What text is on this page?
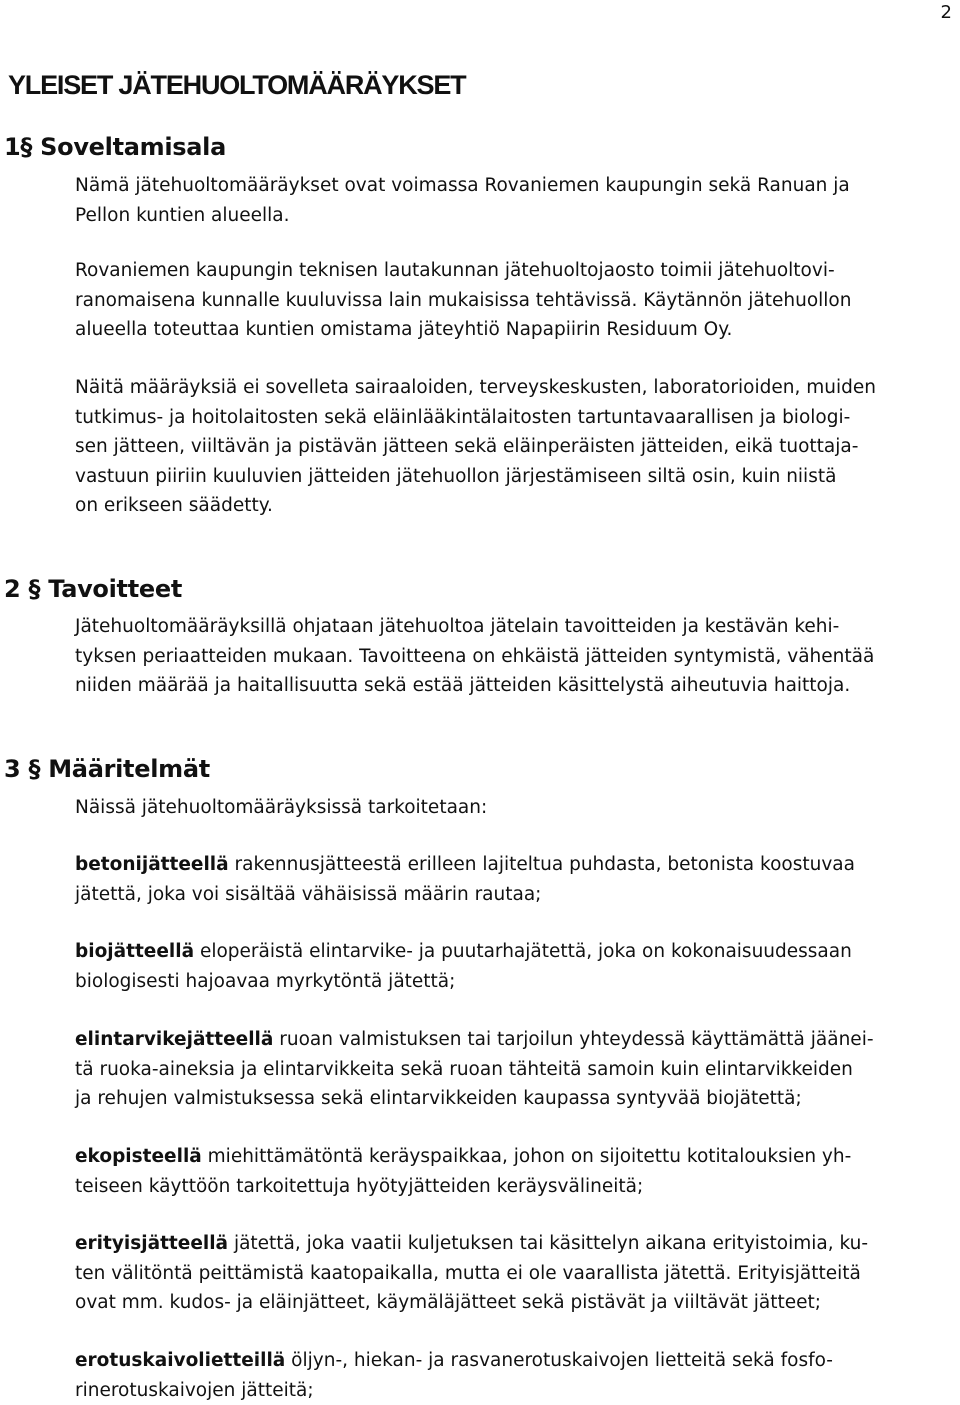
2
YLEISET JÄTEHUOLTOMÄÄRÄYKSET
1§ Soveltamisala

Nämä jätehuoltomääräykset ovat voimassa Rovaniemen kaupungin sekä Ranuan ja
Pellon kuntien alueella.

Rovaniemen kaupungin teknisen lautakunnan jätehuoltojaosto toimii jätehuoltovi-
ranomaisena kunnalle kuuluvissa lain mukaisissa tehtävissä. Käytännön jätehuollon
alueella toteuttaa kuntien omistama jäteyhtiö Napapiirin Residuum Oy.

Näitä määräyksiä ei sovelleta sairaaloiden, terveyskeskusten, laboratorioiden, muiden
tutkimus- ja hoitolaitosten sekä eläinlääkintälaitosten tartuntavaarallisen ja biologi-
sen jätteen, viiltävän ja pistävän jätteen sekä eläinperäisten jätteiden, eikä tuottaja-
vastuun piiriin kuuluvien jätteiden jätehuollon järjestämiseen siltä osin, kuin niistä
on erikseen säädetty.

2 § Tavoitteet

Jätehuoltomääräyksillä ohjataan jätehuoltoa jätelain tavoitteiden ja kestävän kehi-
tyksen periaatteiden mukaan. Tavoitteena on ehkäistä jätteiden syntymistä, vähentää
niiden määrää ja haitallisuutta sekä estää jätteiden käsittelystä aiheutuvia haittoja.

3 § Määritelmät

Näissä jätehuoltomääräyksissä tarkoitetaan:

betonijätteellä rakennusjätteestä erilleen lajiteltua puhdasta, betonista koostuvaa
jätettä, joka voi sisältää vähäisissä määrin rautaa;
biojätteellä eloperäistä elintarvike- ja puutarhajätettä, joka on kokonaisuudessaan
biologisesti hajoavaa myrkytöntä jätettä;
elintarvikejätteellä ruoan valmistuksen tai tarjoilun yhteydessä käyttämättä jäänei-
tä ruoka-aineksia ja elintarvikkeita sekä ruoan tähteitä samoin kuin elintarvikkeiden
ja rehujen valmistuksessa sekä elintarvikkeiden kaupassa syntyvää biojätettä;
ekopisteellä miehittämätöntä keräyspaikkaa, johon on sijoitettu kotitalouksien yh-
teiseen käyttöön tarkoitettuja hyötyjätteiden keräysvälineitä;
erityisjätteellä jätettä, joka vaatii kuljetuksen tai käsittelyn aikana erityistoimia, ku-
ten välitöntä peittämistä kaatopaikalla, mutta ei ole vaarallista jätettä. Erityisjätteitä
ovat mm. kudos- ja eläinjätteet, käymäläjätteet sekä pistävät ja viiltävät jätteet;
erotuskaivolietteillä öljyn-, hiekan- ja rasvanerotuskaivojen lietteitä sekä fosfo-
rinerotuskaivojen jätteitä;
